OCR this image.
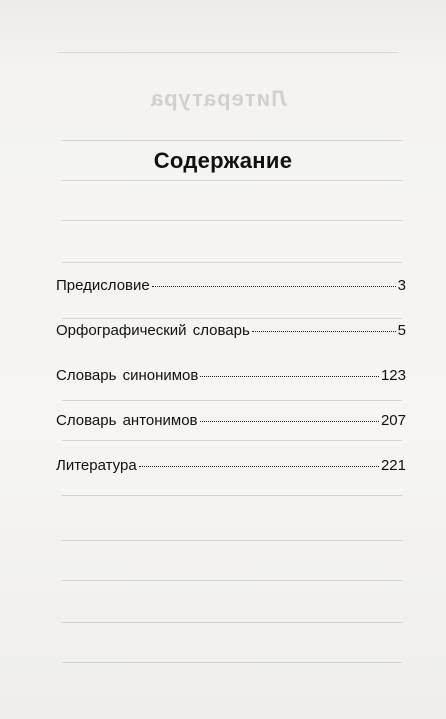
Литература
Содержание
Предисловие	3
Орфографический словарь	5
Словарь синонимов	123
Словарь антонимов	207
Литература	221
